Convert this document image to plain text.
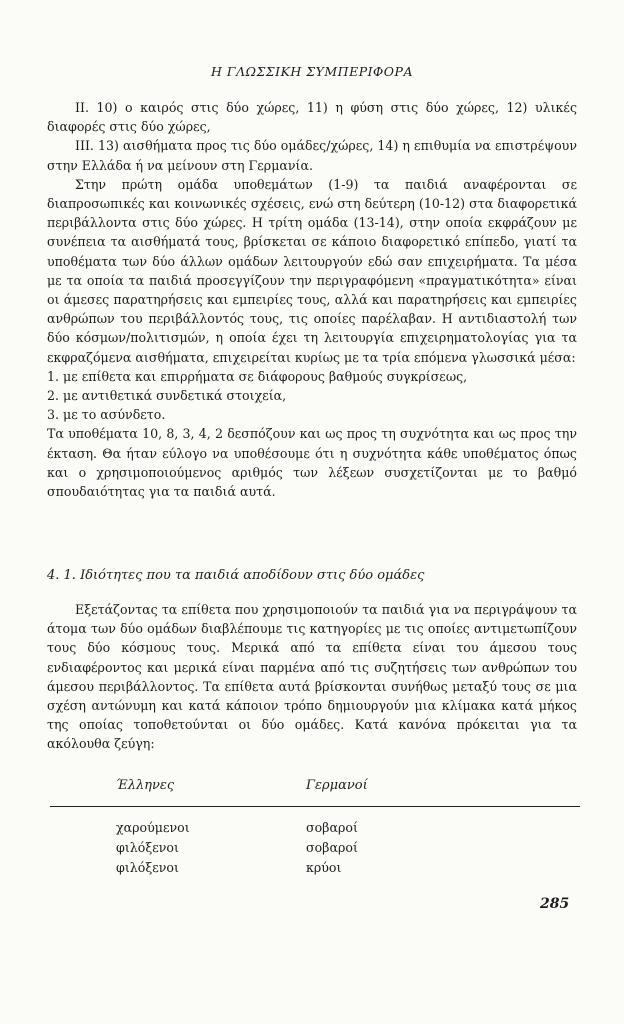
Η ΓΛΩΣΣΙΚΗ ΣΥΜΠΕΡΙΦΟΡΑ

ΙΙ. 10) ο καιρός στις δύο χώρες, 11) η φύση στις δύο χώρες, 12) υλικές διαφορές στις δύο χώρες,

ΙΙΙ. 13) αισθήματα προς τις δύο ομάδες/χώρες, 14) η επιθυμία να επιστρέψουν στην Ελλάδα ή να μείνουν στη Γερμανία.

Στην πρώτη ομάδα υποθεμάτων (1-9) τα παιδιά αναφέρονται σε διαπροσωπικές και κοινωνικές σχέσεις, ενώ στη δεύτερη (10-12) στα διαφορετικά περιβάλλοντα στις δύο χώρες. Η τρίτη ομάδα (13-14), στην οποία εκφράζουν με συνέπεια τα αισθήματά τους, βρίσκεται σε κάποιο διαφορετικό επίπεδο, γιατί τα υποθέματα των δύο άλλων ομάδων λειτουργούν εδώ σαν επιχειρήματα. Τα μέσα με τα οποία τα παιδιά προσεγγίζουν την περιγραφόμενη «πραγματικότητα» είναι οι άμεσες παρατηρήσεις και εμπειρίες τους, αλλά και παρατηρήσεις και εμπειρίες ανθρώπων του περιβάλλοντός τους, τις οποίες παρέλαβαν. Η αντιδιαστολή των δύο κόσμων/πολιτισμών, η οποία έχει τη λειτουργία επιχειρηματολογίας για τα εκφραζόμενα αισθήματα, επιχειρείται κυρίως με τα τρία επόμενα γλωσσικά μέσα:

1. με επίθετα και επιρρήματα σε διάφορους βαθμούς συγκρίσεως,

2. με αντιθετικά συνδετικά στοιχεία,

3. με το ασύνδετο.

Τα υποθέματα 10, 8, 3, 4, 2 δεσπόζουν και ως προς τη συχνότητα και ως προς την έκταση. Θα ήταν εύλογο να υποθέσουμε ότι η συχνότητα κάθε υποθέματος όπως και ο χρησιμοποιούμενος αριθμός των λέξεων συσχετίζονται με το βαθμό σπουδαιότητας για τα παιδιά αυτά.

4. 1. Ιδιότητες που τα παιδιά αποδίδουν στις δύο ομάδες

Εξετάζοντας τα επίθετα που χρησιμοποιούν τα παιδιά για να περιγράψουν τα άτομα των δύο ομάδων διαβλέπουμε τις κατηγορίες με τις οποίες αντιμετωπίζουν τους δύο κόσμους τους. Μερικά από τα επίθετα είναι του άμεσου τους ενδιαφέροντος και μερικά είναι παρμένα από τις συζητήσεις των ανθρώπων του άμεσου περιβάλλοντος. Τα επίθετα αυτά βρίσκονται συνήθως μεταξύ τους σε μια σχέση αντώνυμη και κατά κάποιον τρόπο δημιουργούν μια κλίμακα κατά μήκος της οποίας τοποθετούνται οι δύο ομάδες. Κατά κανόνα πρόκειται για τα ακόλουθα ζεύγη:

Έλληνες	Γερμανοί
χαρούμενοι	σοβαροί
φιλόξενοι	σοβαροί
φιλόξενοι	κρύοι
285
